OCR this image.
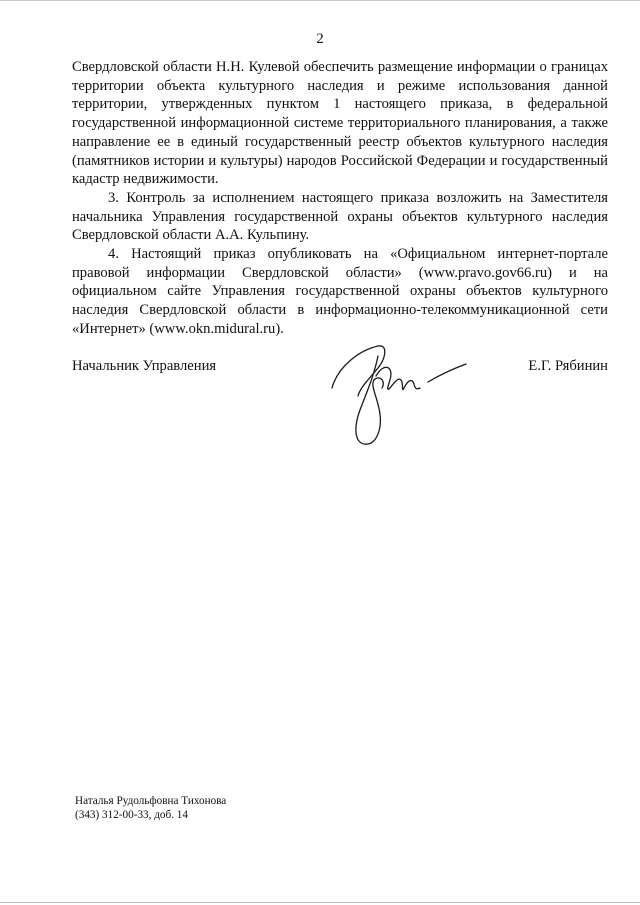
2

Свердловской области Н.Н. Кулевой обеспечить размещение информации о границах территории объекта культурного наследия и режиме использования данной территории, утвержденных пунктом 1 настоящего приказа, в федеральной государственной информационной системе территориального планирования, а также направление ее в единый государственный реестр объектов культурного наследия (памятников истории и культуры) народов Российской Федерации и государственный кадастр недвижимости.

3. Контроль за исполнением настоящего приказа возложить на Заместителя начальника Управления государственной охраны объектов культурного наследия Свердловской области А.А. Кульпину.

4. Настоящий приказ опубликовать на «Официальном интернет-портале правовой информации Свердловской области» (www.pravo.gov66.ru) и на официальном сайте Управления государственной охраны объектов культурного наследия Свердловской области в информационно-телекоммуникационной сети «Интернет» (www.okn.midural.ru).

Начальник Управления	Е.Г. Рябинин
Наталья Рудольфовна Тихонова
(343) 312-00-33, доб. 14
